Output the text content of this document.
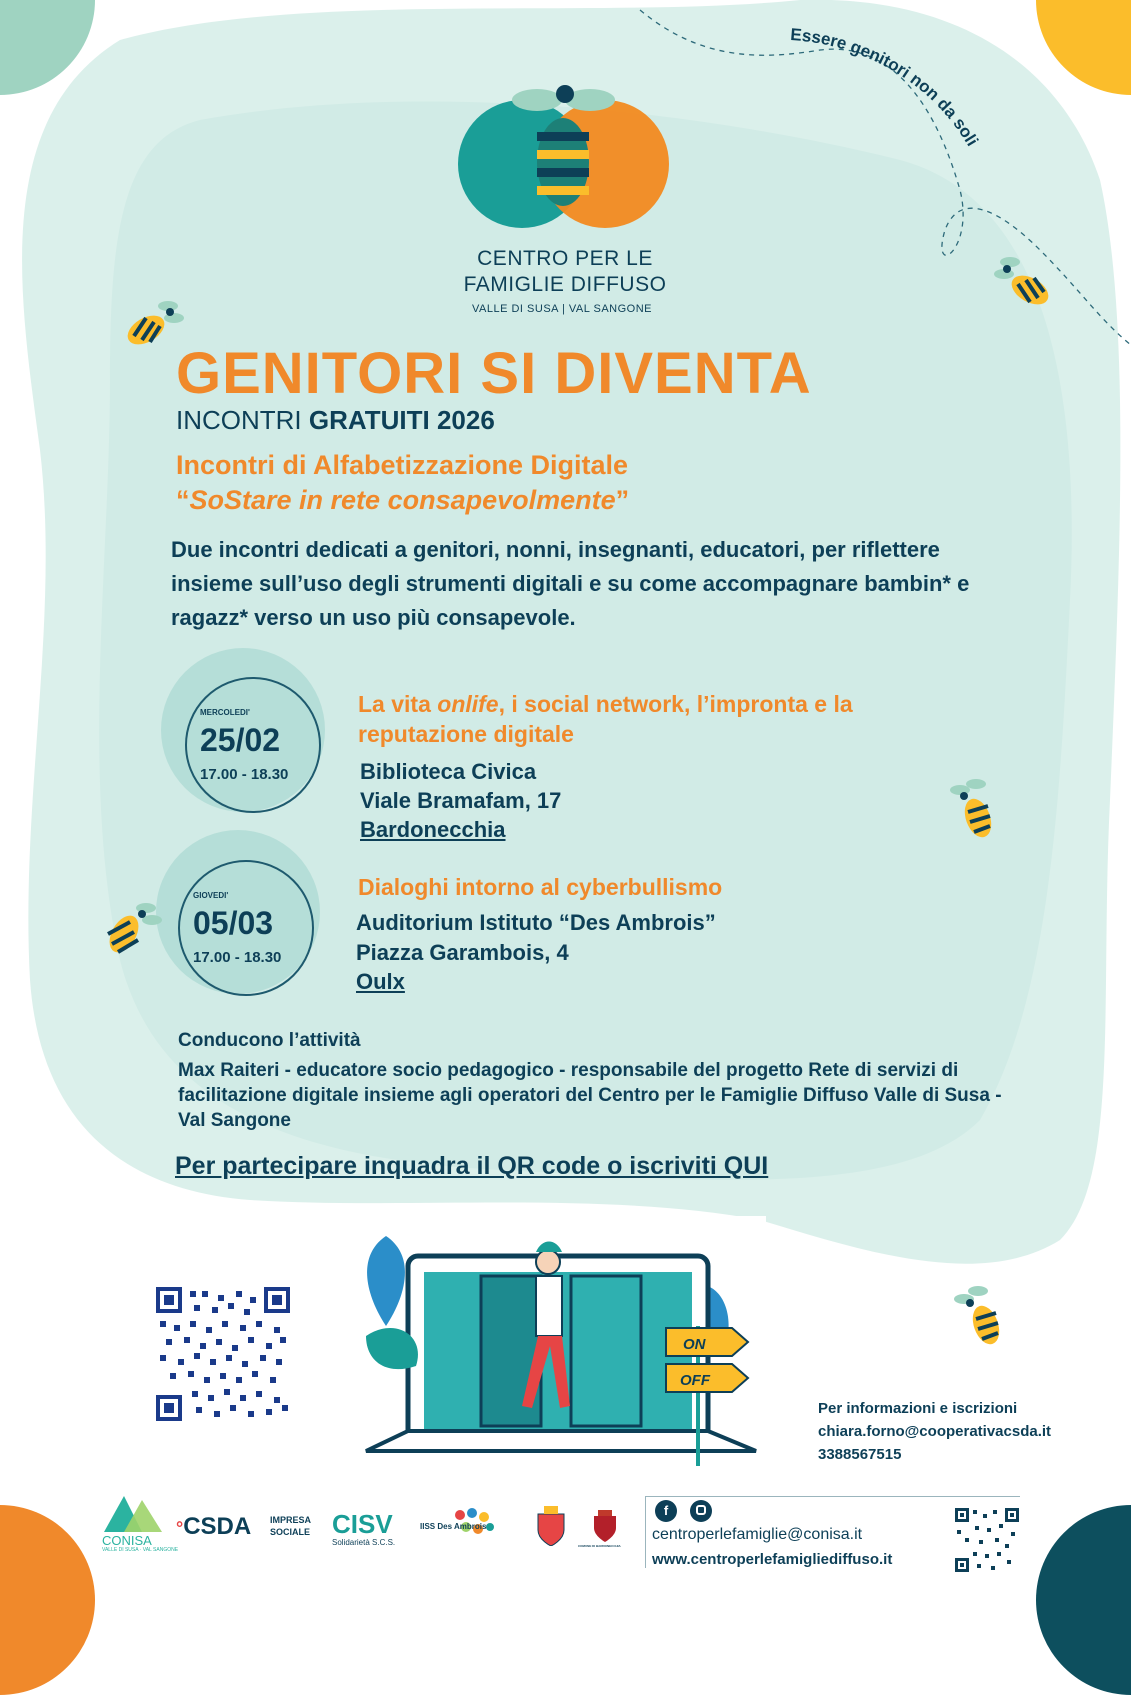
Essere genitori non da soli
CENTRO PER LE
FAMIGLIE DIFFUSO
VALLE DI SUSA | VAL SANGONE
GENITORI SI DIVENTA
INCONTRI GRATUITI 2026
Incontri di Alfabetizzazione Digitale
“SoStare in rete consapevolmente”
Due incontri dedicati a genitori, nonni, insegnanti, educatori, per riflettere insieme sull’uso degli strumenti digitali e su come accompagnare bambin* e ragazz* verso un uso più consapevole.
MERCOLEDI'
25/02
17.00 - 18.30
La vita onlife, i social network, l’impronta e la reputazione digitale
Biblioteca Civica
Viale Bramafam, 17
Bardonecchia
GIOVEDI'
05/03
17.00 - 18.30
Dialoghi intorno al cyberbullismo
Auditorium Istituto “Des Ambrois”
Piazza Garambois, 4
Oulx
Conducono l’attività
Max Raiteri - educatore socio pedagogico - responsabile del progetto Rete di servizi di facilitazione digitale insieme agli operatori del Centro per le Famiglie Diffuso Valle di Susa - Val Sangone
Per partecipare inquadra il QR code o iscriviti QUI
ON
OFF
Per informazioni e iscrizioni
chiara.forno@cooperativacsda.it
3388567515
CONISA
VALLE DI SUSA · VAL SANGONE
°CSDA IMPRESA
SOCIALE CISV
Solidarietà S.C.S.
IISS Des Ambrois
COMUNE DI BARDONECCHIA
f
centroperlefamiglie@conisa.it
www.centroperlefamigliediffuso.it
